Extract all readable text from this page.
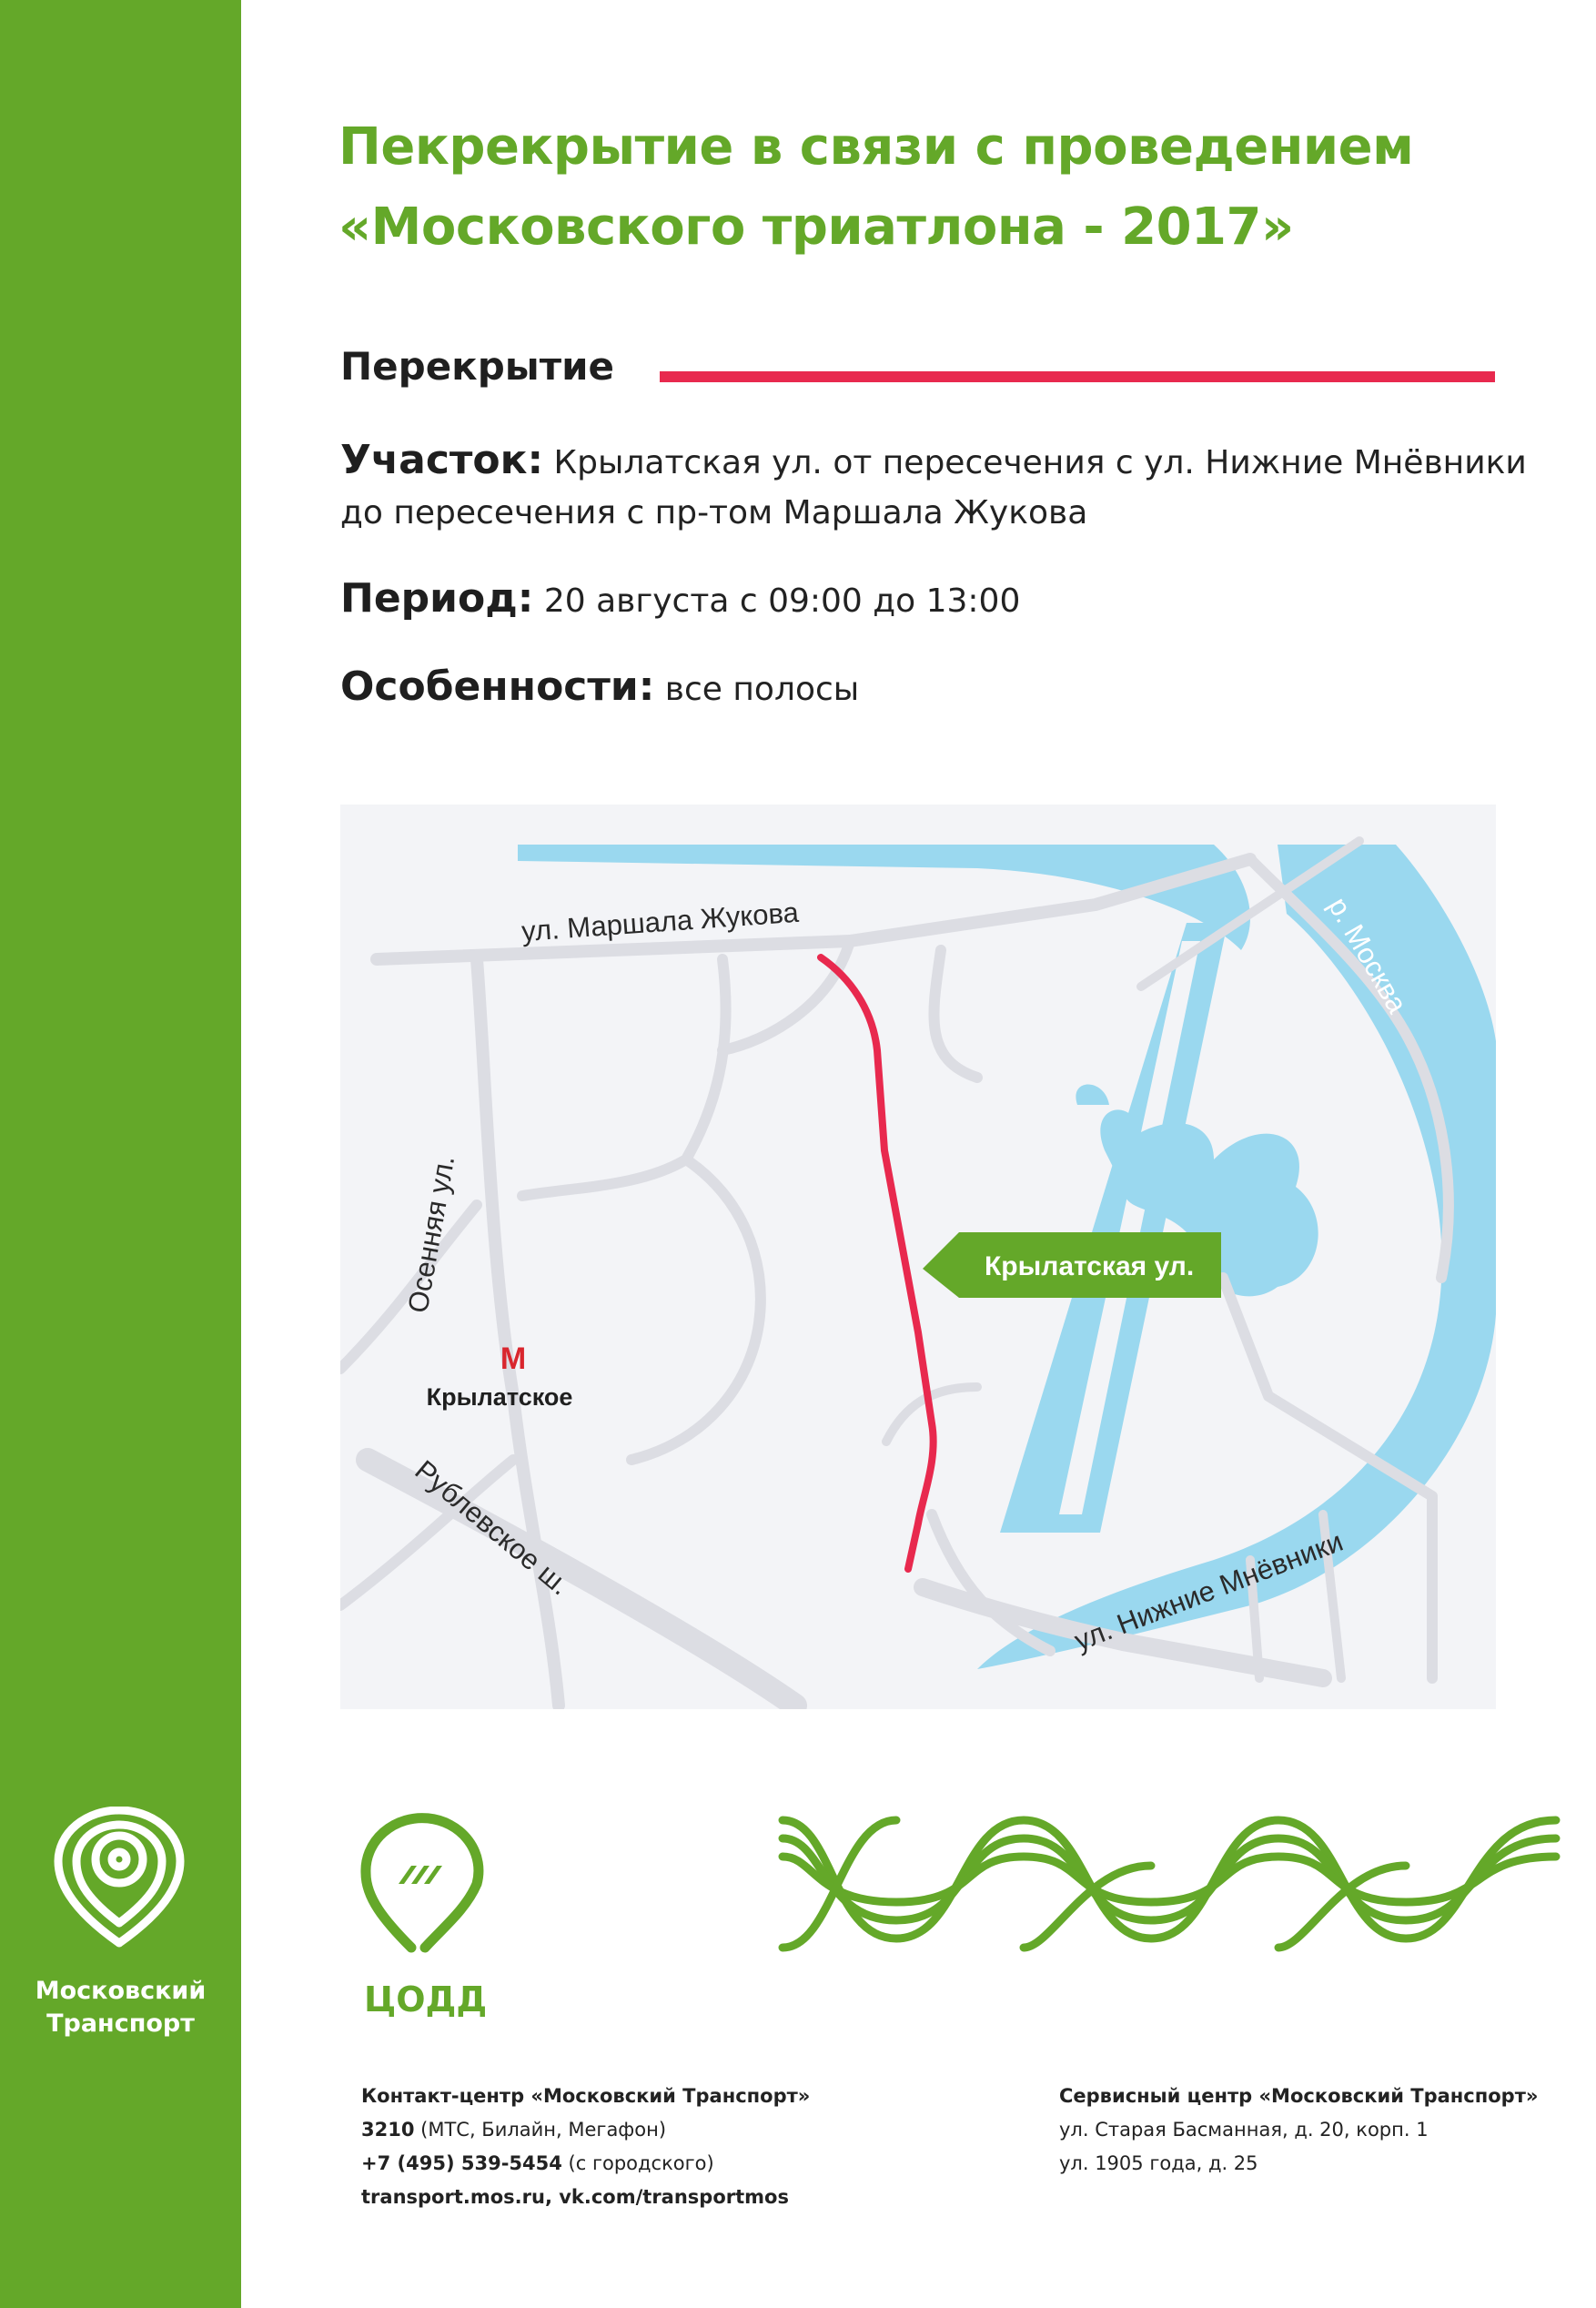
Московский
Транспорт
Пекрекрытие в связи с проведением
«Московского триатлона - 2017»
Перекрытие
Участок: Крылатская ул. от пересечения с ул. Нижние Мнёвники
до пересечения с пр-том Маршала Жукова
Период: 20 августа с 09:00 до 13:00
Особенности: все полосы
ул. Маршала Жукова	р. Москва
Осенняя ул.
Рублевское ш.	ул. Нижние Мнёвники
М
Крылатское
Крылатская ул.
ЦОДД
Контакт-центр «Московский Транспорт»
3210 (МТС, Билайн, Мегафон)
+7 (495) 539-5454 (с городского)
transport.mos.ru, vk.com/transportmos
Сервисный центр «Московский Транспорт»
ул. Старая Басманная, д. 20, корп. 1
ул. 1905 года, д. 25
